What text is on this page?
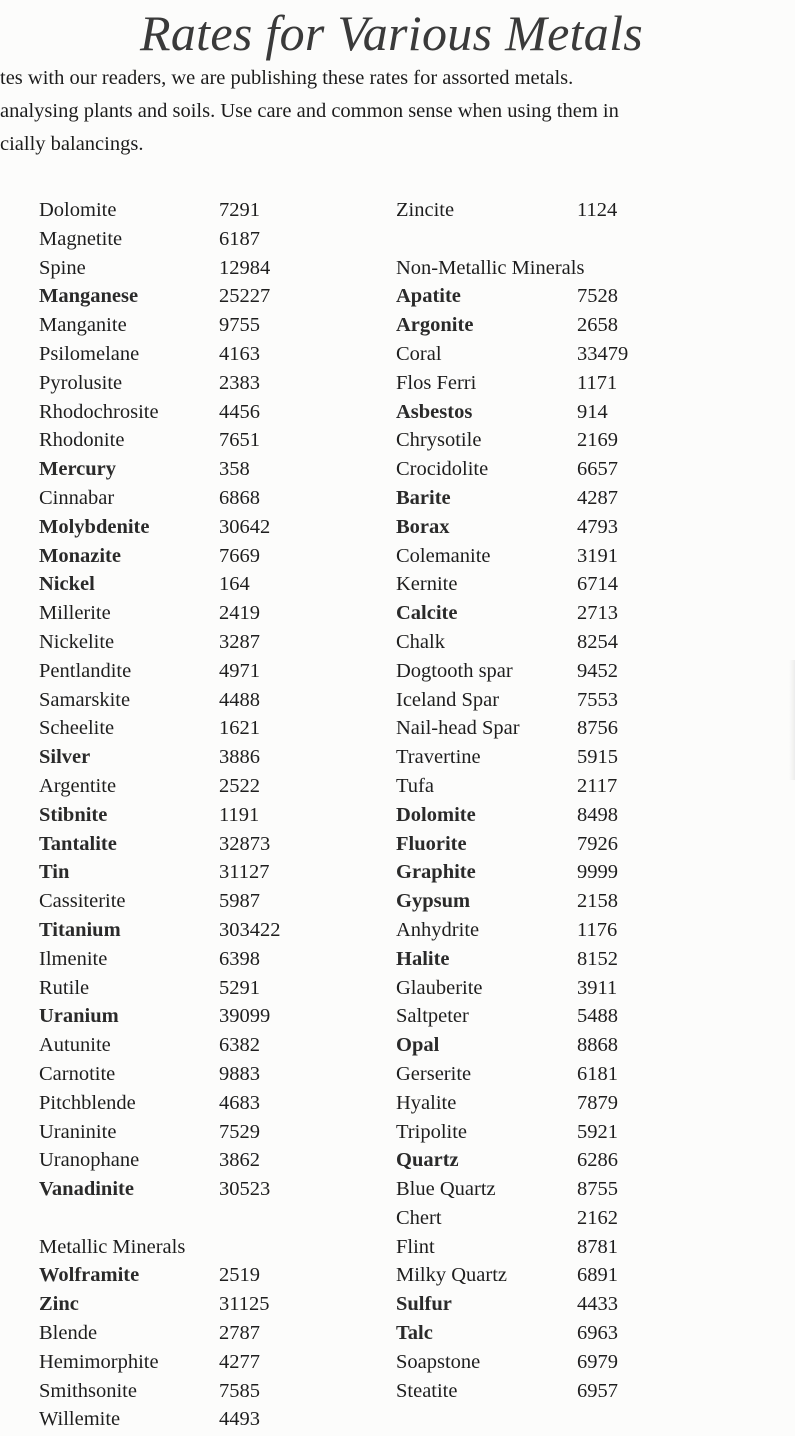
Rates for Various Metals
tes with our readers, we are publishing these rates for assorted metals.
analysing plants and soils. Use care and common sense when using them in
cially balancings.
Dolomite	7291
Magnetite	6187
Spine	12984
Manganese	25227
Manganite	9755
Psilomelane	4163
Pyrolusite	2383
Rhodochrosite	4456
Rhodonite	7651
Mercury	358
Cinnabar	6868
Molybdenite	30642
Monazite	7669
Nickel	164
Millerite	2419
Nickelite	3287
Pentlandite	4971
Samarskite	4488
Scheelite	1621
Silver	3886
Argentite	2522
Stibnite	1191
Tantalite	32873
Tin	31127
Cassiterite	5987
Titanium	303422
Ilmenite	6398
Rutile	5291
Uranium	39099
Autunite	6382
Carnotite	9883
Pitchblende	4683
Uraninite	7529
Uranophane	3862
Vanadinite	30523
Metallic Minerals
Wolframite	2519
Zinc	31125
Blende	2787
Hemimorphite	4277
Smithsonite	7585
Willemite	4493
Zincite	1124
Non-Metallic Minerals
Apatite	7528
Argonite	2658
Coral	33479
Flos Ferri	1171
Asbestos	914
Chrysotile	2169
Crocidolite	6657
Barite	4287
Borax	4793
Colemanite	3191
Kernite	6714
Calcite	2713
Chalk	8254
Dogtooth spar	9452
Iceland Spar	7553
Nail-head Spar	8756
Travertine	5915
Tufa	2117
Dolomite	8498
Fluorite	7926
Graphite	9999
Gypsum	2158
Anhydrite	1176
Halite	8152
Glauberite	3911
Saltpeter	5488
Opal	8868
Gerserite	6181
Hyalite	7879
Tripolite	5921
Quartz	6286
Blue Quartz	8755
Chert	2162
Flint	8781
Milky Quartz	6891
Sulfur	4433
Talc	6963
Soapstone	6979
Steatite	6957
